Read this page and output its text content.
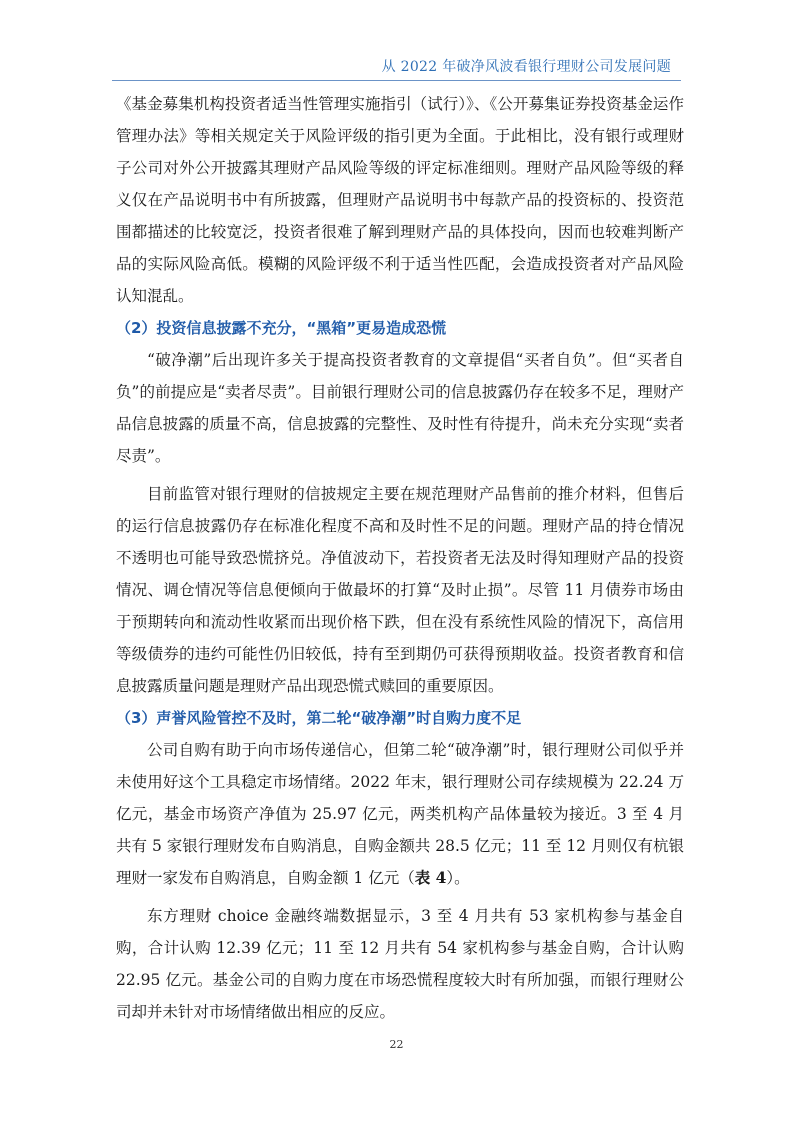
从 2022 年破净风波看银行理财公司发展问题

《基金募集机构投资者适当性管理实施指引（试行）》、《公开募集证券投资基金运作管理办法》等相关规定关于风险评级的指引更为全面。于此相比，没有银行或理财子公司对外公开披露其理财产品风险等级的评定标准细则。理财产品风险等级的释义仅在产品说明书中有所披露，但理财产品说明书中每款产品的投资标的、投资范围都描述的比较宽泛，投资者很难了解到理财产品的具体投向，因而也较难判断产品的实际风险高低。模糊的风险评级不利于适当性匹配，会造成投资者对产品风险认知混乱。

（2）投资信息披露不充分，“黑箱”更易造成恐慌

“破净潮”后出现许多关于提高投资者教育的文章提倡“买者自负”。但“买者自负”的前提应是“卖者尽责”。目前银行理财公司的信息披露仍存在较多不足，理财产品信息披露的质量不高，信息披露的完整性、及时性有待提升，尚未充分实现“卖者尽责”。

目前监管对银行理财的信披规定主要在规范理财产品售前的推介材料，但售后的运行信息披露仍存在标准化程度不高和及时性不足的问题。理财产品的持仓情况不透明也可能导致恐慌挤兑。净值波动下，若投资者无法及时得知理财产品的投资情况、调仓情况等信息便倾向于做最坏的打算“及时止损”。尽管 11 月债券市场由于预期转向和流动性收紧而出现价格下跌，但在没有系统性风险的情况下，高信用等级债券的违约可能性仍旧较低，持有至到期仍可获得预期收益。投资者教育和信息披露质量问题是理财产品出现恐慌式赎回的重要原因。

（3）声誉风险管控不及时，第二轮“破净潮”时自购力度不足

公司自购有助于向市场传递信心，但第二轮“破净潮”时，银行理财公司似乎并未使用好这个工具稳定市场情绪。2022 年末，银行理财公司存续规模为 22.24 万亿元，基金市场资产净值为 25.97 亿元，两类机构产品体量较为接近。3 至 4 月共有 5 家银行理财发布自购消息，自购金额共 28.5 亿元；11 至 12 月则仅有杭银理财一家发布自购消息，自购金额 1 亿元（表 4）。

东方理财 choice 金融终端数据显示，3 至 4 月共有 53 家机构参与基金自购，合计认购 12.39 亿元；11 至 12 月共有 54 家机构参与基金自购，合计认购 22.95 亿元。基金公司的自购力度在市场恐慌程度较大时有所加强，而银行理财公司却并未针对市场情绪做出相应的反应。

22
